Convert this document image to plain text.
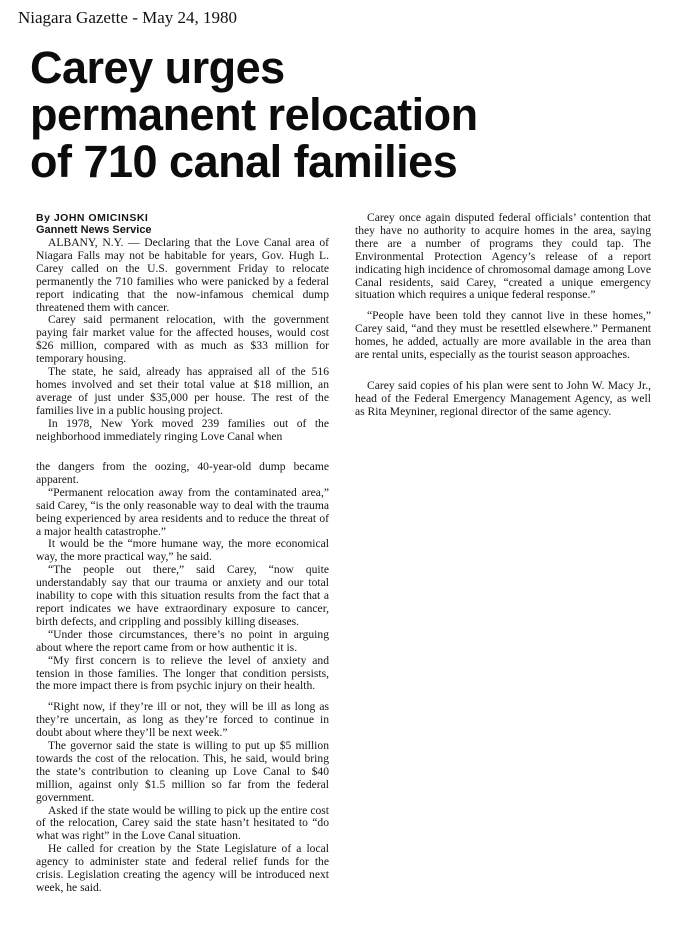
Niagara Gazette - May 24, 1980
Carey urges
permanent relocation
of 710 canal families

By JOHN OMICINSKI

Gannett News Service

ALBANY, N.Y. — Declaring that the Love Canal area of Niagara Falls may not be habitable for years, Gov. Hugh L. Carey called on the U.S. government Friday to relocate permanently the 710 families who were panicked by a federal report indicating that the now-infamous chemical dump threatened them with cancer.

Carey said permanent relocation, with the government paying fair market value for the affected houses, would cost $26 million, compared with as much as $33 million for temporary housing.

The state, he said, already has appraised all of the 516 homes involved and set their total value at $18 million, an average of just under $35,000 per house. The rest of the families live in a public housing project.

In 1978, New York moved 239 families out of the neighborhood immediately ringing Love Canal when

the dangers from the oozing, 40-year-old dump became apparent.

“Permanent relocation away from the contaminated area,” said Carey, “is the only reasonable way to deal with the trauma being experienced by area residents and to reduce the threat of a major health catastrophe.”

It would be the “more humane way, the more economical way, the more practical way,” he said.

“The people out there,” said Carey, “now quite understandably say that our trauma or anxiety and our total inability to cope with this situation results from the fact that a report indicates we have extraordinary exposure to cancer, birth defects, and crippling and possibly killing diseases.

“Under those circumstances, there’s no point in arguing about where the report came from or how authentic it is.

“My first concern is to relieve the level of anxiety and tension in those families. The longer that condition persists, the more impact there is from psychic injury on their health.

“Right now, if they’re ill or not, they will be ill as long as they’re uncertain, as long as they’re forced to continue in doubt about where they’ll be next week.”

The governor said the state is willing to put up $5 million towards the cost of the relocation. This, he said, would bring the state’s contribution to cleaning up Love Canal to $40 million, against only $1.5 million so far from the federal government.

Asked if the state would be willing to pick up the entire cost of the relocation, Carey said the state hasn’t hesitated to “do what was right” in the Love Canal situation.

He called for creation by the State Legislature of a local agency to administer state and federal relief funds for the crisis. Legislation creating the agency will be introduced next week, he said.

Carey once again disputed federal officials’ contention that they have no authority to acquire homes in the area, saying there are a number of programs they could tap. The Environmental Protection Agency’s release of a report indicating high incidence of chromosomal damage among Love Canal residents, said Carey, “created a unique emergency situation which requires a unique federal response.”

“People have been told they cannot live in these homes,” Carey said, “and they must be resettled elsewhere.” Permanent homes, he added, actually are more available in the area than are rental units, especially as the tourist season approaches.

Carey said copies of his plan were sent to John W. Macy Jr., head of the Federal Emergency Management Agency, as well as Rita Meyniner, regional director of the same agency.
